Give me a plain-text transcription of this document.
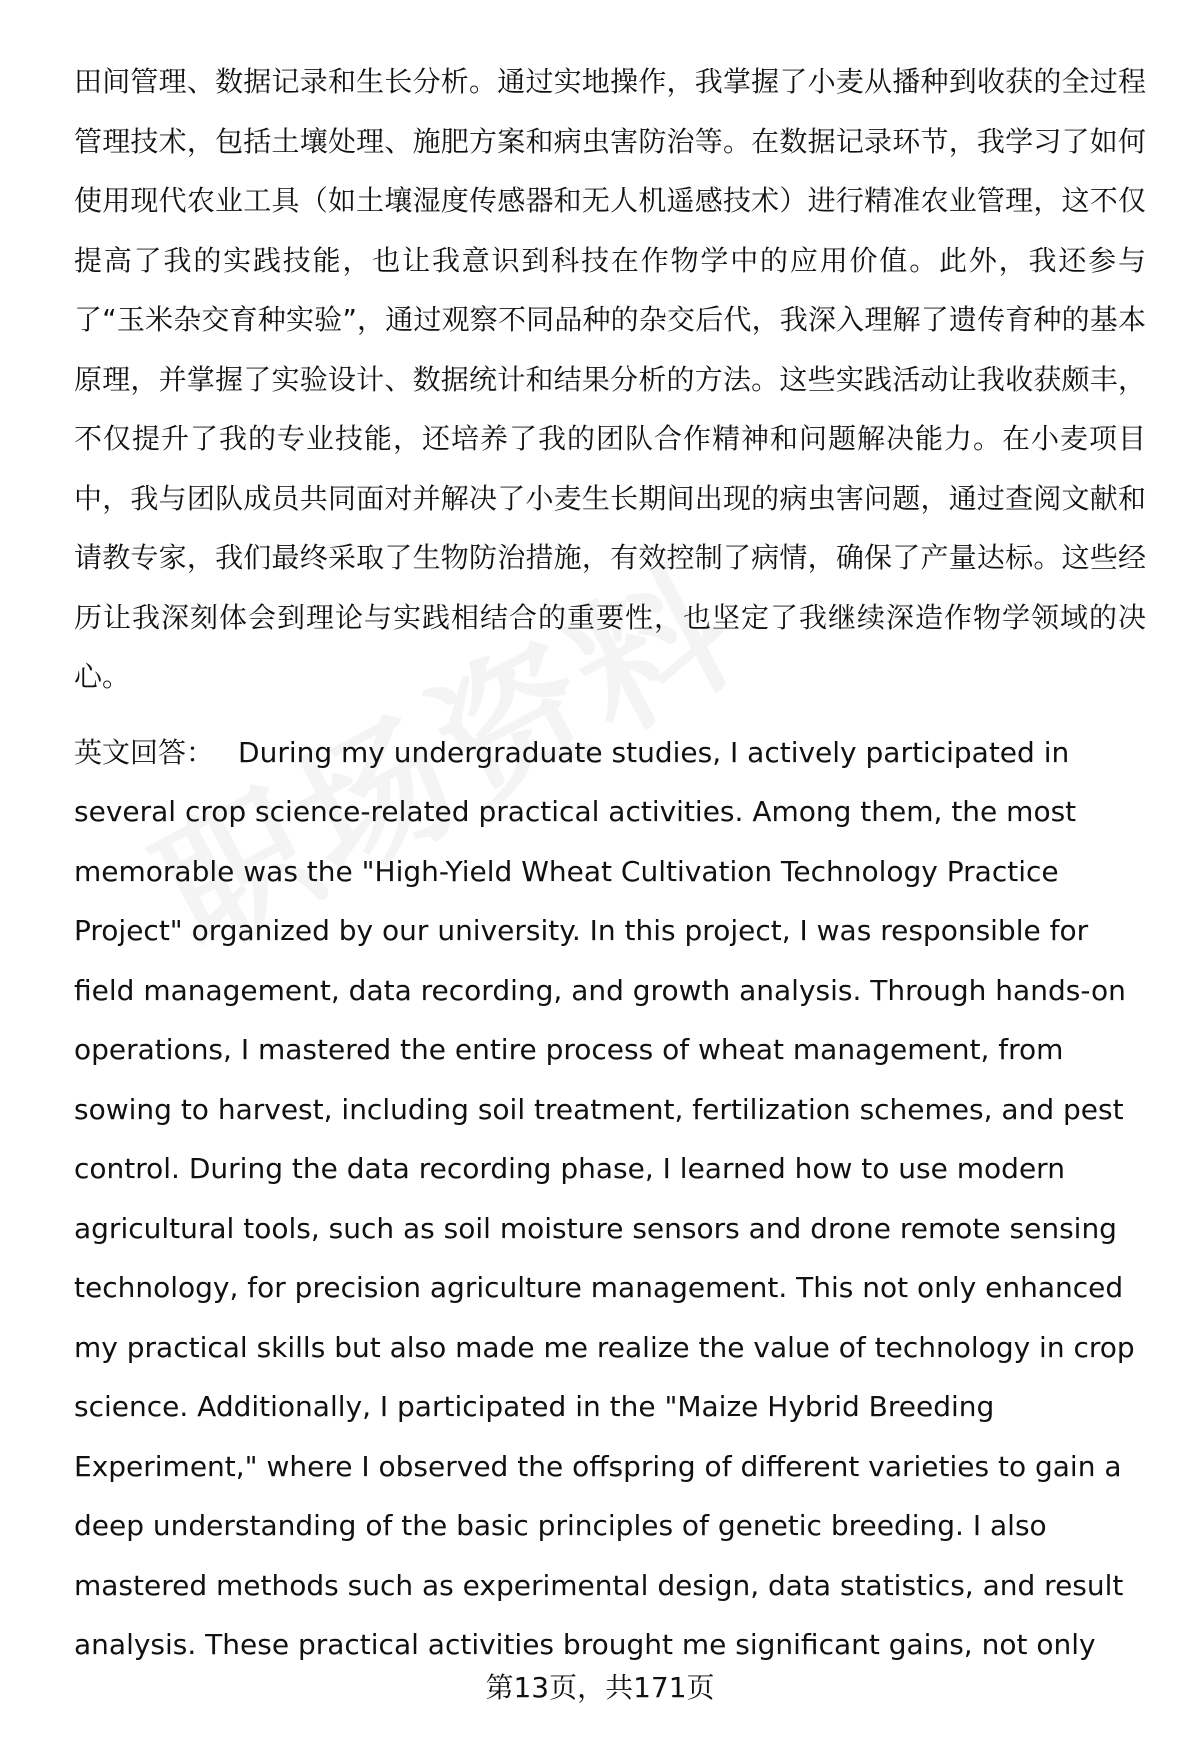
田间管理、数据记录和生长分析。通过实地操作，我掌握了小麦从播种到收获的全过程管理技术，包括土壤处理、施肥方案和病虫害防治等。在数据记录环节，我学习了如何使用现代农业工具（如土壤湿度传感器和无人机遥感技术）进行精准农业管理，这不仅提高了我的实践技能，也让我意识到科技在作物学中的应用价值。此外，我还参与了“玉米杂交育种实验”，通过观察不同品种的杂交后代，我深入理解了遗传育种的基本原理，并掌握了实验设计、数据统计和结果分析的方法。这些实践活动让我收获颇丰，不仅提升了我的专业技能，还培养了我的团队合作精神和问题解决能力。在小麦项目中，我与团队成员共同面对并解决了小麦生长期间出现的病虫害问题，通过查阅文献和请教专家，我们最终采取了生物防治措施，有效控制了病情，确保了产量达标。这些经历让我深刻体会到理论与实践相结合的重要性，也坚定了我继续深造作物学领域的决心。

英文回答： During my undergraduate studies, I actively participated in several crop science-related practical activities. Among them, the most memorable was the "High-Yield Wheat Cultivation Technology Practice Project" organized by our university. In this project, I was responsible for field management, data recording, and growth analysis. Through hands-on operations, I mastered the entire process of wheat management, from sowing to harvest, including soil treatment, fertilization schemes, and pest control. During the data recording phase, I learned how to use modern agricultural tools, such as soil moisture sensors and drone remote sensing technology, for precision agriculture management. This not only enhanced my practical skills but also made me realize the value of technology in crop science. Additionally, I participated in the "Maize Hybrid Breeding Experiment," where I observed the offspring of different varieties to gain a deep understanding of the basic principles of genetic breeding. I also mastered methods such as experimental design, data statistics, and result analysis. These practical activities brought me significant gains, not only

第13页，共171页
